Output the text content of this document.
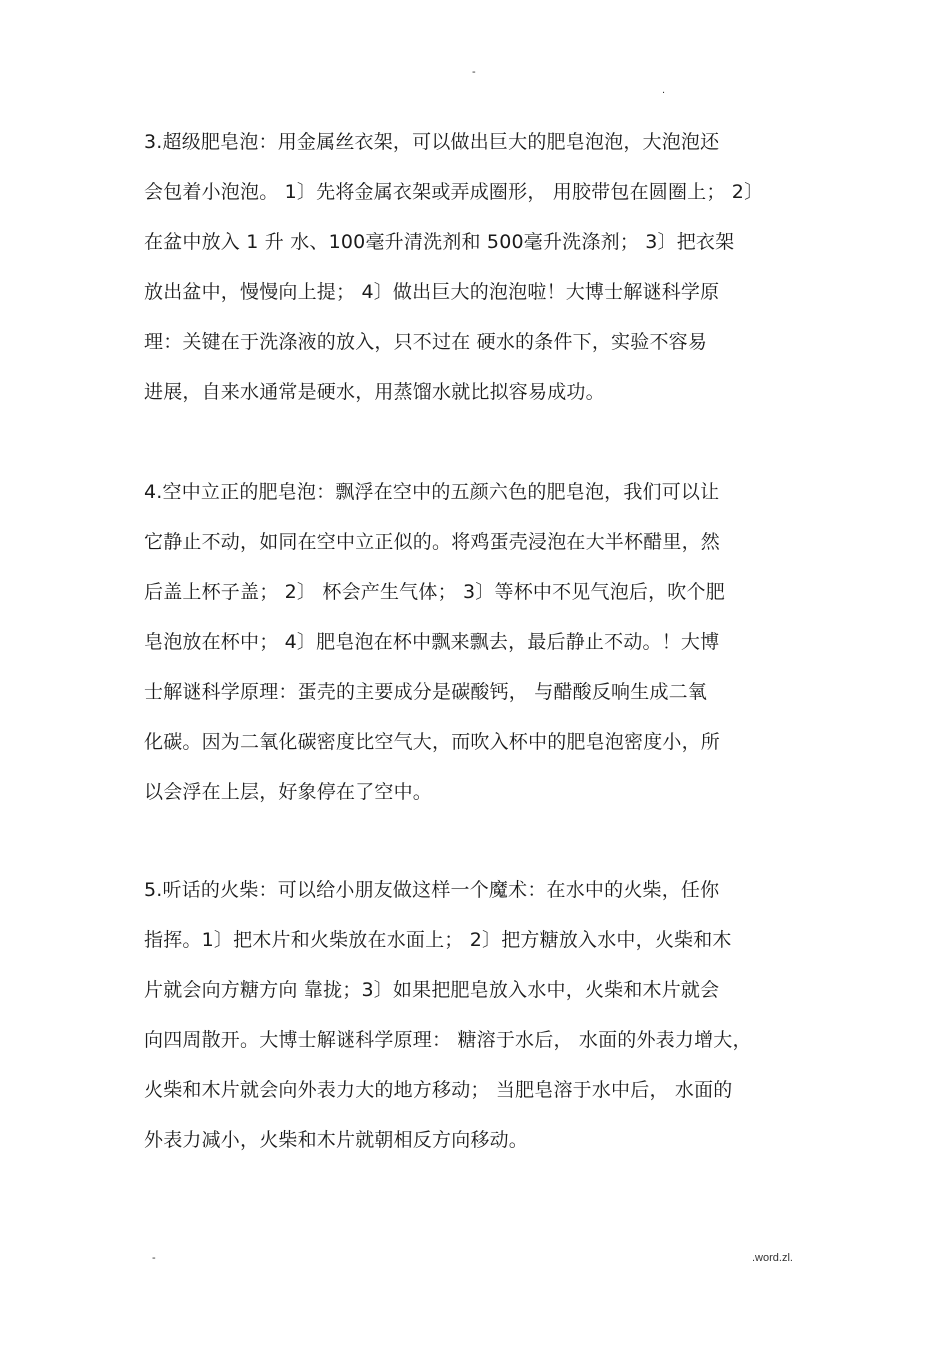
-
.
3.超级肥皂泡：用金属丝衣架，可以做出巨大的肥皂泡泡，大泡泡还
会包着小泡泡。 1〕先将金属衣架或弄成圈形， 用胶带包在圆圈上； 2〕
在盆中放入 1 升 水、100毫升清洗剂和 500毫升洗涤剂； 3〕把衣架
放出盆中，慢慢向上提； 4〕做出巨大的泡泡啦！大博士解谜科学原
理：关键在于洗涤液的放入，只不过在 硬水的条件下，实验不容易
进展，自来水通常是硬水，用蒸馏水就比拟容易成功。
4.空中立正的肥皂泡：飘浮在空中的五颜六色的肥皂泡，我们可以让
它静止不动，如同在空中立正似的。将鸡蛋壳浸泡在大半杯醋里，然
后盖上杯子盖； 2〕 杯会产生气体； 3〕等杯中不见气泡后，吹个肥
皂泡放在杯中； 4〕肥皂泡在杯中飘来飘去，最后静止不动。！大博
士解谜科学原理：蛋壳的主要成分是碳酸钙， 与醋酸反响生成二氧
化碳。因为二氧化碳密度比空气大，而吹入杯中的肥皂泡密度小，所
以会浮在上层，好象停在了空中。
5.听话的火柴：可以给小朋友做这样一个魔术：在水中的火柴，任你
指挥。1〕把木片和火柴放在水面上； 2〕把方糖放入水中，火柴和木
片就会向方糖方向 靠拢；3〕如果把肥皂放入水中，火柴和木片就会
向四周散开。大博士解谜科学原理： 糖溶于水后， 水面的外表力增大，
火柴和木片就会向外表力大的地方移动； 当肥皂溶于水中后， 水面的
外表力减小，火柴和木片就朝相反方向移动。
-	.word.zl.
